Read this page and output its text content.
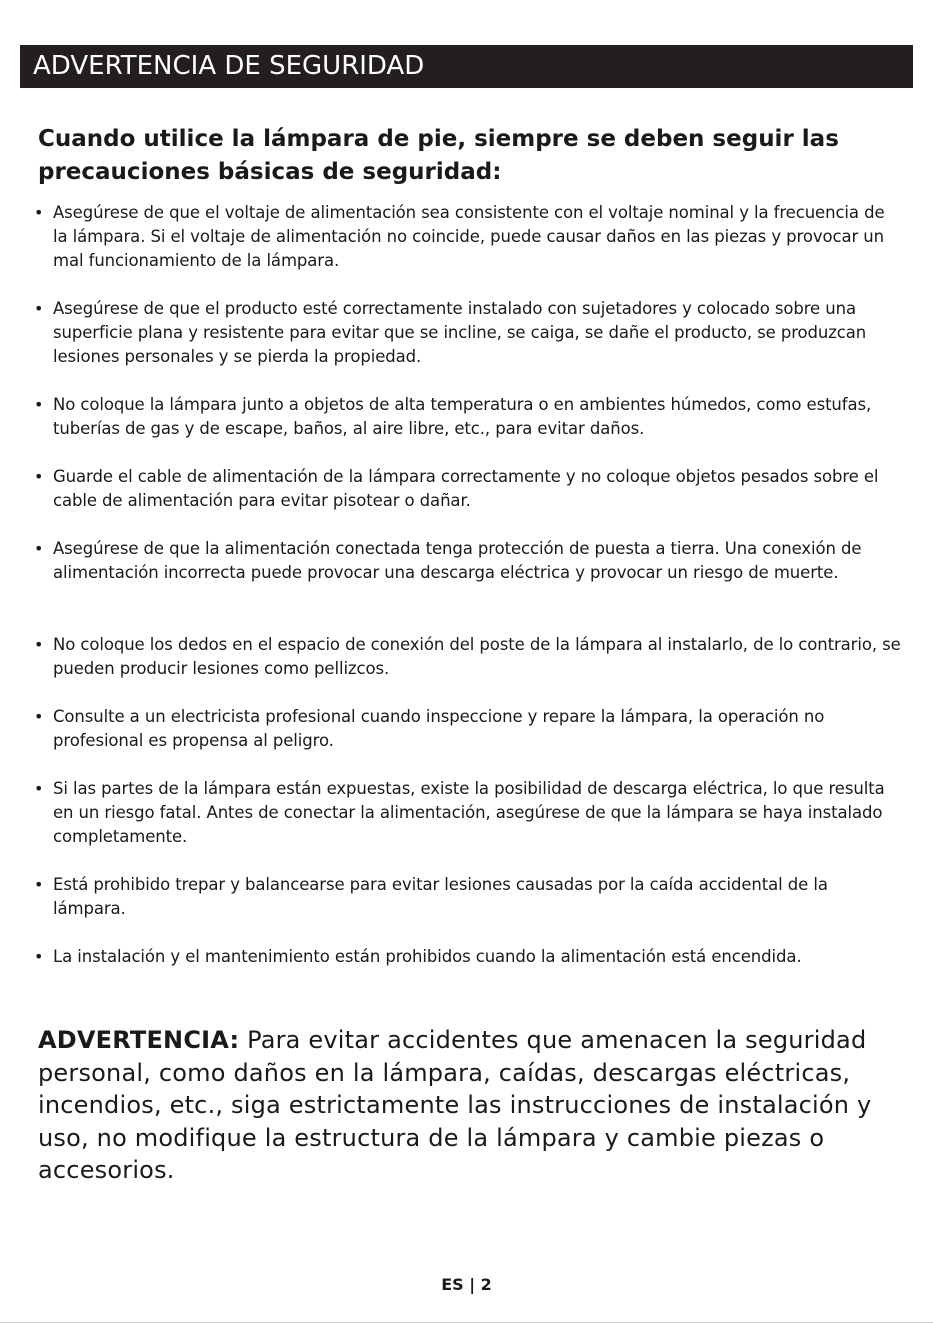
ADVERTENCIA DE SEGURIDAD

Cuando utilice la lámpara de pie, siempre se deben seguir las precauciones básicas de seguridad:

• Asegúrese de que el voltaje de alimentación sea consistente con el voltaje nominal y la frecuencia de la lámpara. Si el voltaje de alimentación no coincide, puede causar daños en las piezas y provocar un mal funcionamiento de la lámpara.
• Asegúrese de que el producto esté correctamente instalado con sujetadores y colocado sobre una superficie plana y resistente para evitar que se incline, se caiga, se dañe el producto, se produzcan lesiones personales y se pierda la propiedad.
• No coloque la lámpara junto a objetos de alta temperatura o en ambientes húmedos, como estufas, tuberías de gas y de escape, baños, al aire libre, etc., para evitar daños.
• Guarde el cable de alimentación de la lámpara correctamente y no coloque objetos pesados sobre el cable de alimentación para evitar pisotear o dañar.
• Asegúrese de que la alimentación conectada tenga protección de puesta a tierra. Una conexión de alimentación incorrecta puede provocar una descarga eléctrica y provocar un riesgo de muerte.
• No coloque los dedos en el espacio de conexión del poste de la lámpara al instalarlo, de lo contrario, se pueden producir lesiones como pellizcos.
• Consulte a un electricista profesional cuando inspeccione y repare la lámpara, la operación no profesional es propensa al peligro.
• Si las partes de la lámpara están expuestas, existe la posibilidad de descarga eléctrica, lo que resulta en un riesgo fatal. Antes de conectar la alimentación, asegúrese de que la lámpara se haya instalado completamente.
• Está prohibido trepar y balancearse para evitar lesiones causadas por la caída accidental de la lámpara.
• La instalación y el mantenimiento están prohibidos cuando la alimentación está encendida.

ADVERTENCIA: Para evitar accidentes que amenacen la seguridad personal, como daños en la lámpara, caídas, descargas eléctricas, incendios, etc., siga estrictamente las instrucciones de instalación y uso, no modifique la estructura de la lámpara y cambie piezas o accesorios.

ES | 2
